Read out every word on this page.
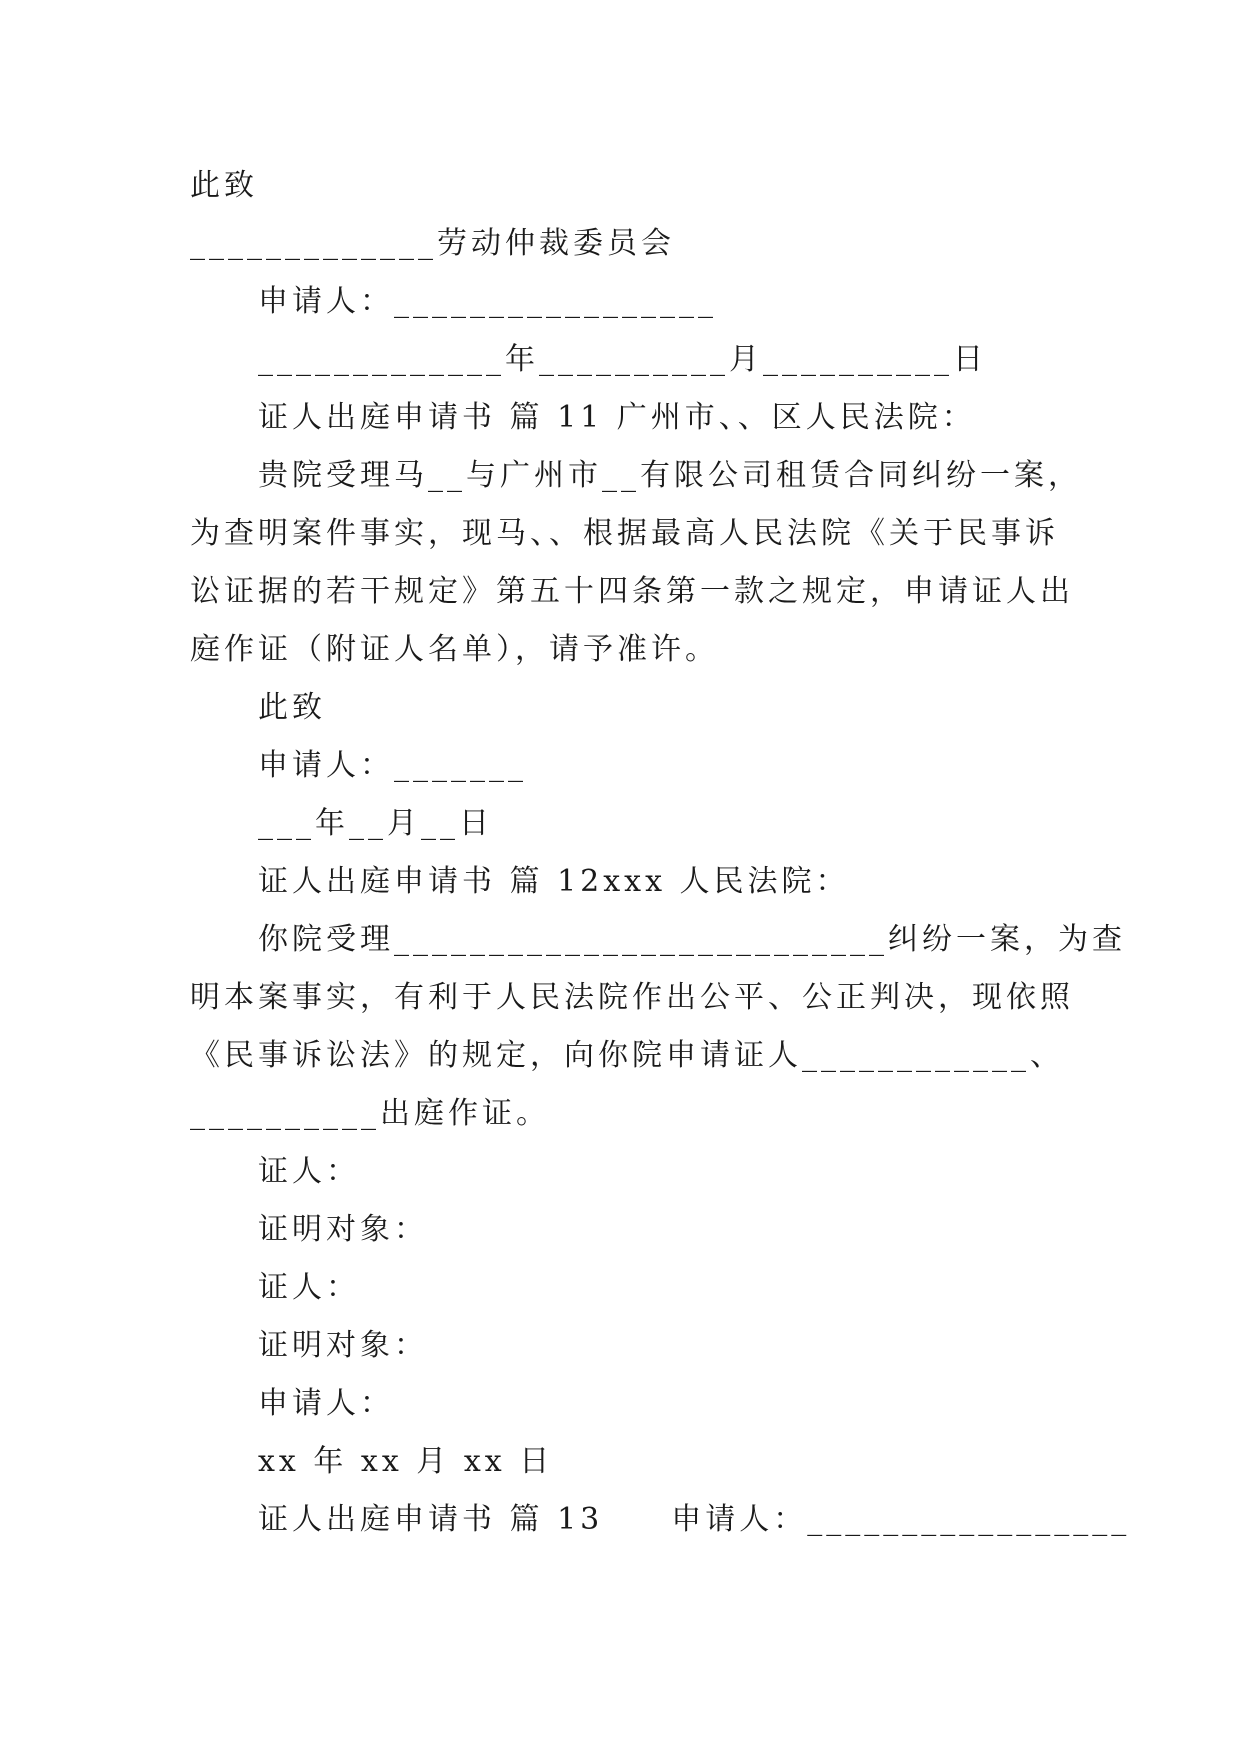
此致
_____________劳动仲裁委员会
申请人：_________________
_____________年__________月__________日
证人出庭申请书 篇 11 广州市、、区人民法院：
贵院受理马__与广州市__有限公司租赁合同纠纷一案，
为查明案件事实，现马、、根据最高人民法院《关于民事诉
讼证据的若干规定》第五十四条第一款之规定，申请证人出
庭作证（附证人名单），请予准许。
此致
申请人：_______
___年__月__日
证人出庭申请书 篇 12xxx 人民法院：
你院受理__________________________纠纷一案，为查
明本案事实，有利于人民法院作出公平、公正判决，现依照
《民事诉讼法》的规定，向你院申请证人____________、
__________出庭作证。
证人：
证明对象：
证人：
证明对象：
申请人：
xx 年 xx 月 xx 日
证人出庭申请书 篇 13　　申请人：_________________
